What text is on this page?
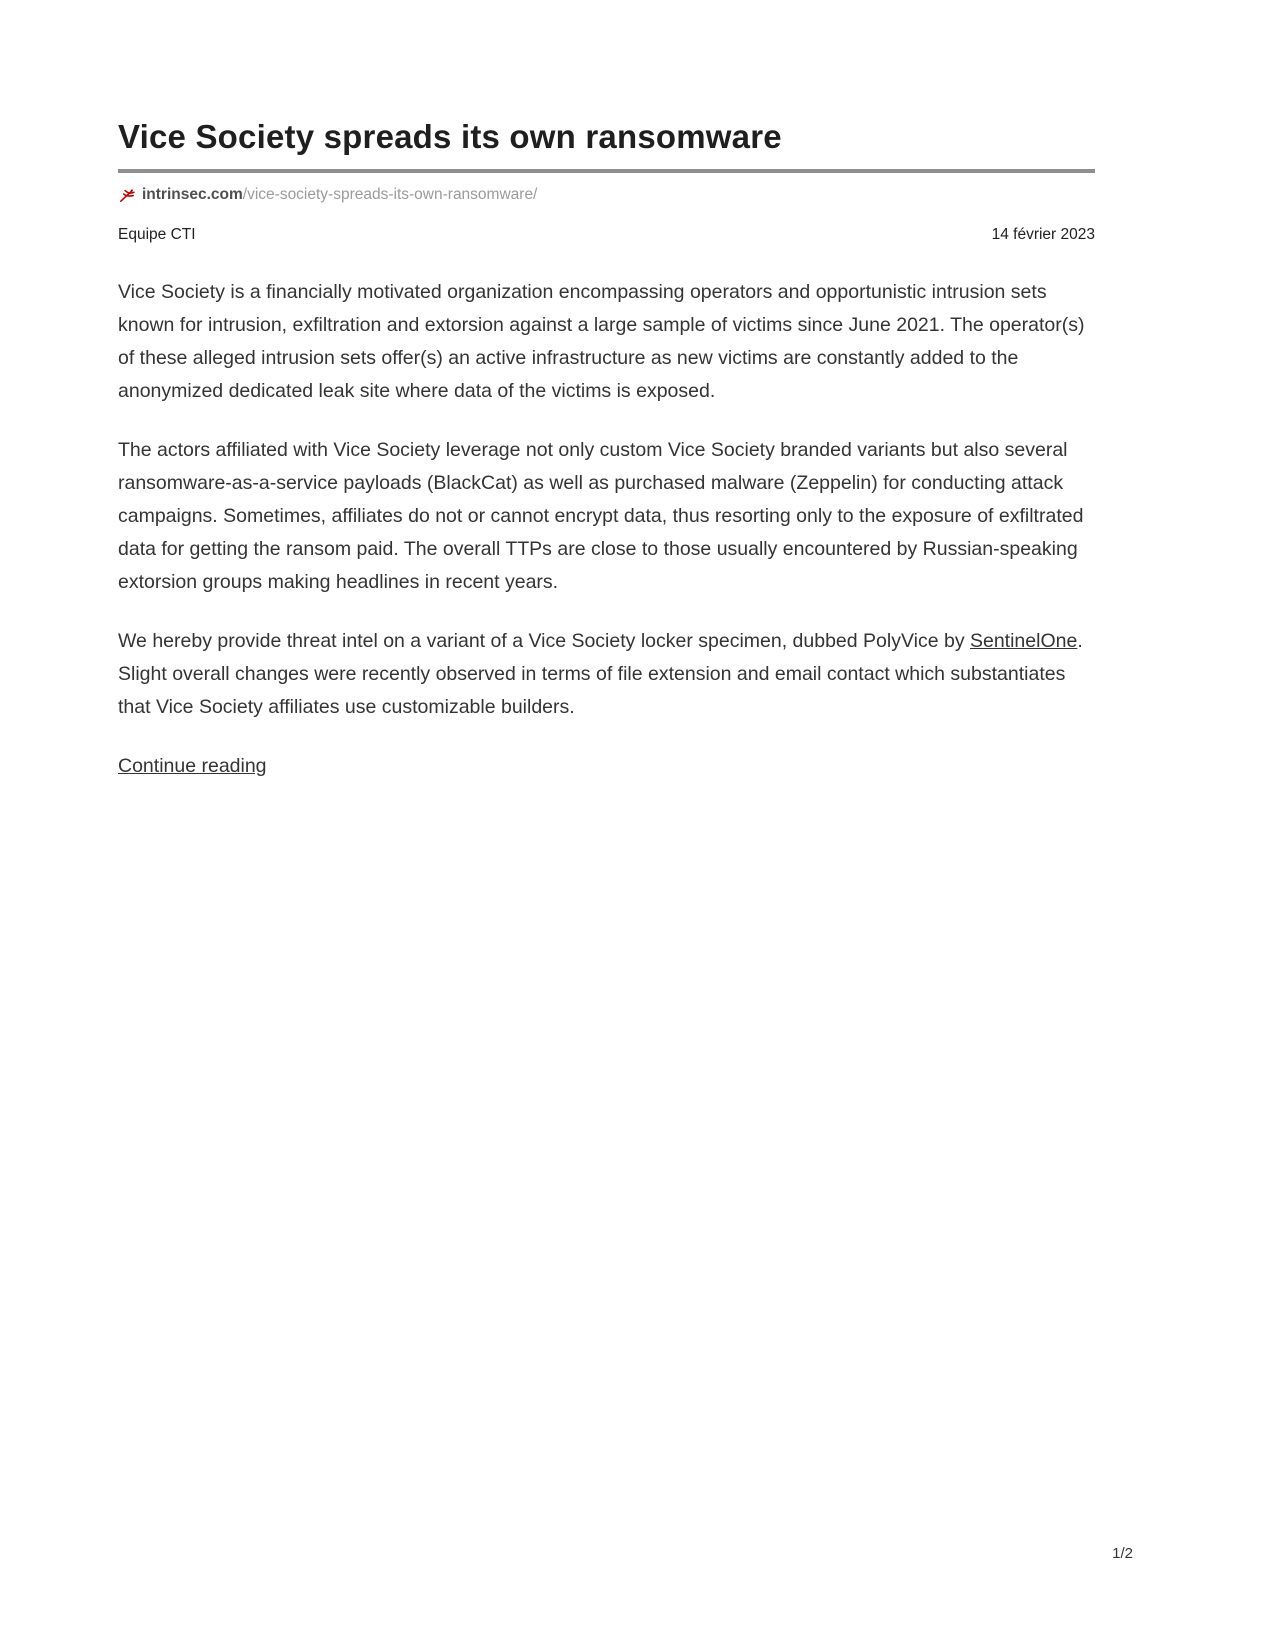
Vice Society spreads its own ransomware
intrinsec.com/vice-society-spreads-its-own-ransomware/
Equipe CTI	14 février 2023

Vice Society is a financially motivated organization encompassing operators and opportunistic intrusion sets known for intrusion, exfiltration and extorsion against a large sample of victims since June 2021. The operator(s) of these alleged intrusion sets offer(s) an active infrastructure as new victims are constantly added to the anonymized dedicated leak site where data of the victims is exposed.

The actors affiliated with Vice Society leverage not only custom Vice Society branded variants but also several ransomware-as-a-service payloads (BlackCat) as well as purchased malware (Zeppelin) for conducting attack campaigns. Sometimes, affiliates do not or cannot encrypt data, thus resorting only to the exposure of exfiltrated data for getting the ransom paid. The overall TTPs are close to those usually encountered by Russian-speaking extorsion groups making headlines in recent years.

We hereby provide threat intel on a variant of a Vice Society locker specimen, dubbed PolyVice by SentinelOne. Slight overall changes were recently observed in terms of file extension and email contact which substantiates that Vice Society affiliates use customizable builders.

Continue reading

1/2
